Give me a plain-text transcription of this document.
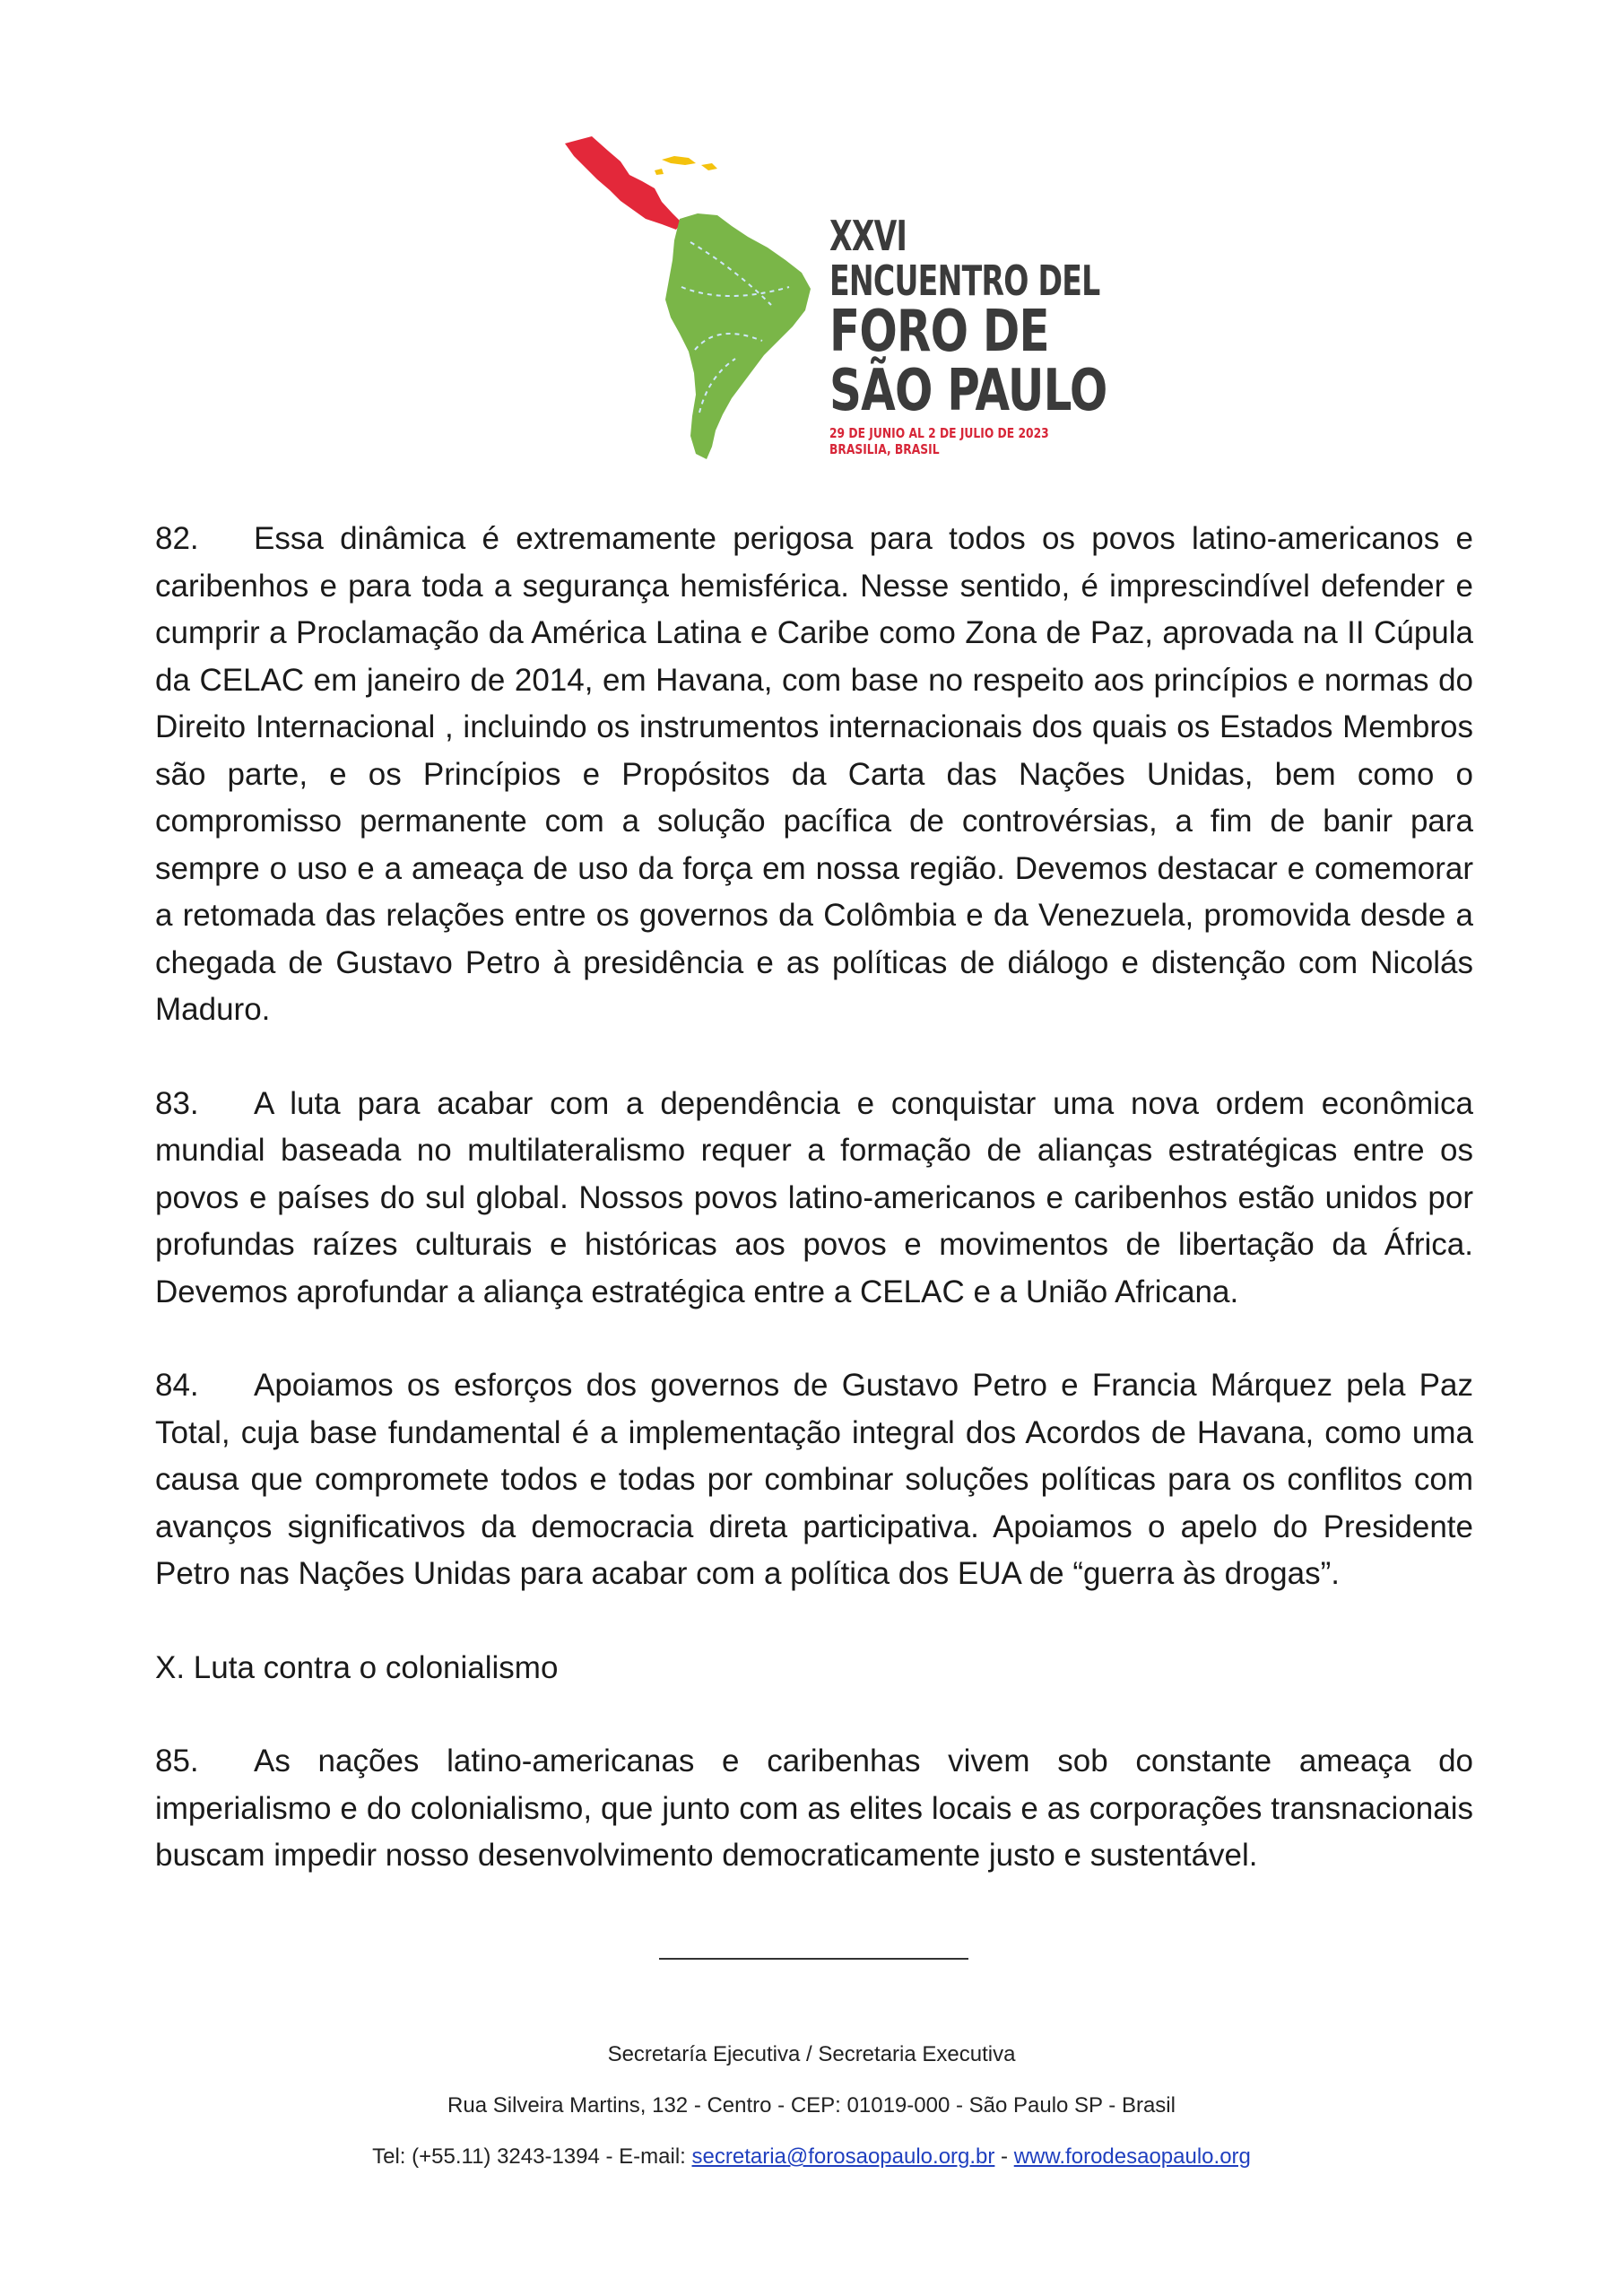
XXVI
ENCUENTRO DEL
FORO DE
SÃO PAULO
29 DE JUNIO AL 2 DE JULIO DE 2023
BRASILIA, BRASIL

82. Essa dinâmica é extremamente perigosa para todos os povos latino-americanos e caribenhos e para toda a segurança hemisférica. Nesse sentido, é imprescindível defender e cumprir a Proclamação da América Latina e Caribe como Zona de Paz, aprovada na II Cúpula da CELAC em janeiro de 2014, em Havana, com base no respeito aos princípios e normas do Direito Internacional , incluindo os instrumentos internacionais dos quais os Estados Membros são parte, e os Princípios e Propósitos da Carta das Nações Unidas, bem como o compromisso permanente com a solução pacífica de controvérsias, a fim de banir para sempre o uso e a ameaça de uso da força em nossa região. Devemos destacar e comemorar a retomada das relações entre os governos da Colômbia e da Venezuela, promovida desde a chegada de Gustavo Petro à presidência e as políticas de diálogo e distenção com Nicolás Maduro.

83. A luta para acabar com a dependência e conquistar uma nova ordem econômica mundial baseada no multilateralismo requer a formação de alianças estratégicas entre os povos e países do sul global. Nossos povos latino-americanos e caribenhos estão unidos por profundas raízes culturais e históricas aos povos e movimentos de libertação da África. Devemos aprofundar a aliança estratégica entre a CELAC e a União Africana.

84. Apoiamos os esforços dos governos de Gustavo Petro e Francia Márquez pela Paz Total, cuja base fundamental é a implementação integral dos Acordos de Havana, como uma causa que compromete todos e todas por combinar soluções políticas para os conflitos com avanços significativos da democracia direta participativa. Apoiamos o apelo do Presidente Petro nas Nações Unidas para acabar com a política dos EUA de “guerra às drogas”.

X. Luta contra o colonialismo

85. As nações latino-americanas e caribenhas vivem sob constante ameaça do imperialismo e do colonialismo, que junto com as elites locais e as corporações transnacionais buscam impedir nosso desenvolvimento democraticamente justo e sustentável.

Secretaría Ejecutiva / Secretaria Executiva
Rua Silveira Martins, 132 - Centro - CEP: 01019-000 - São Paulo SP - Brasil
Tel: (+55.11) 3243-1394 - E-mail: secretaria@forosaopaulo.org.br - www.forodesaopaulo.org
